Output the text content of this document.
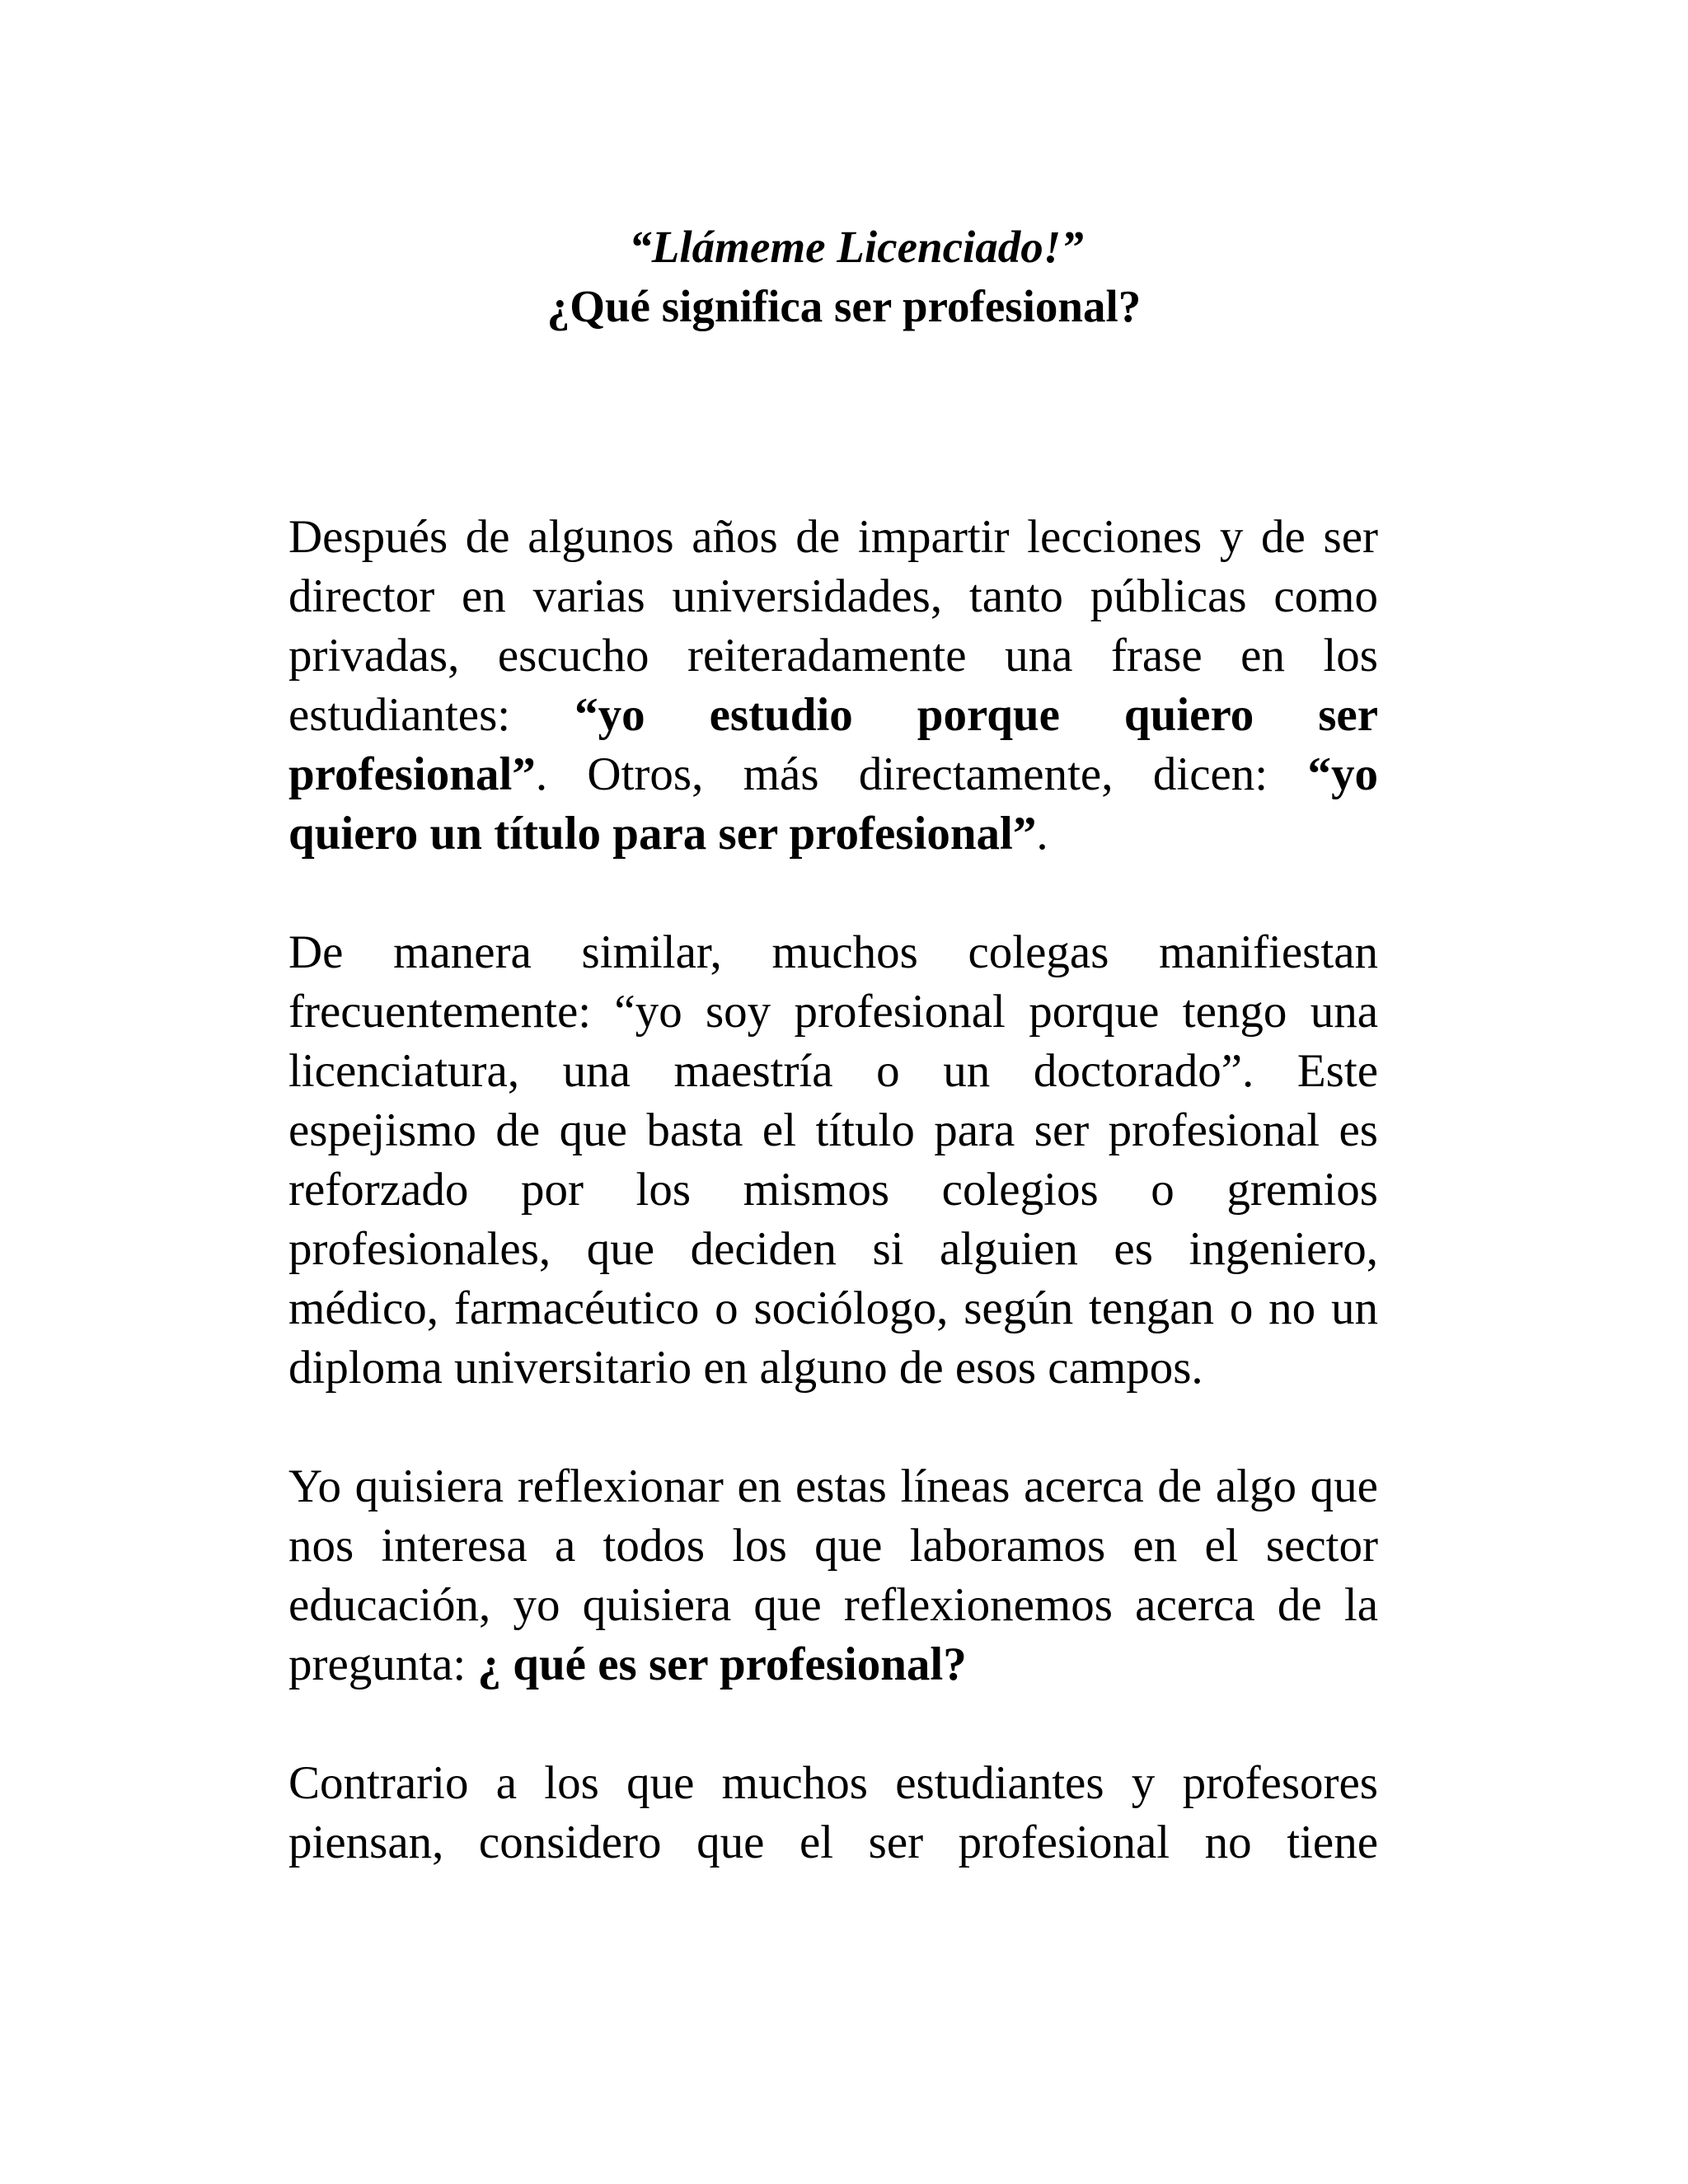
“Llámeme Licenciado!”
¿Qué significa ser profesional?

Después de algunos años de impartir lecciones y de ser director en varias universidades, tanto públicas como privadas, escucho reiteradamente una frase en los estudiantes: “yo estudio porque quiero ser profesional”. Otros, más directamente, dicen: “yo quiero un título para ser profesional”.

De manera similar, muchos colegas manifiestan frecuentemente: “yo soy profesional porque tengo una licenciatura, una maestría o un doctorado”. Este espejismo de que basta el título para ser profesional es reforzado por los mismos colegios o gremios profesionales, que deciden si alguien es ingeniero, médico, farmacéutico o sociólogo, según tengan o no un diploma universitario en alguno de esos campos.

Yo quisiera reflexionar en estas líneas acerca de algo que nos interesa a todos los que laboramos en el sector educación, yo quisiera que reflexionemos acerca de la pregunta: ¿ qué es ser profesional?

Contrario a los que muchos estudiantes y profesores piensan, considero que el ser profesional no tiene
